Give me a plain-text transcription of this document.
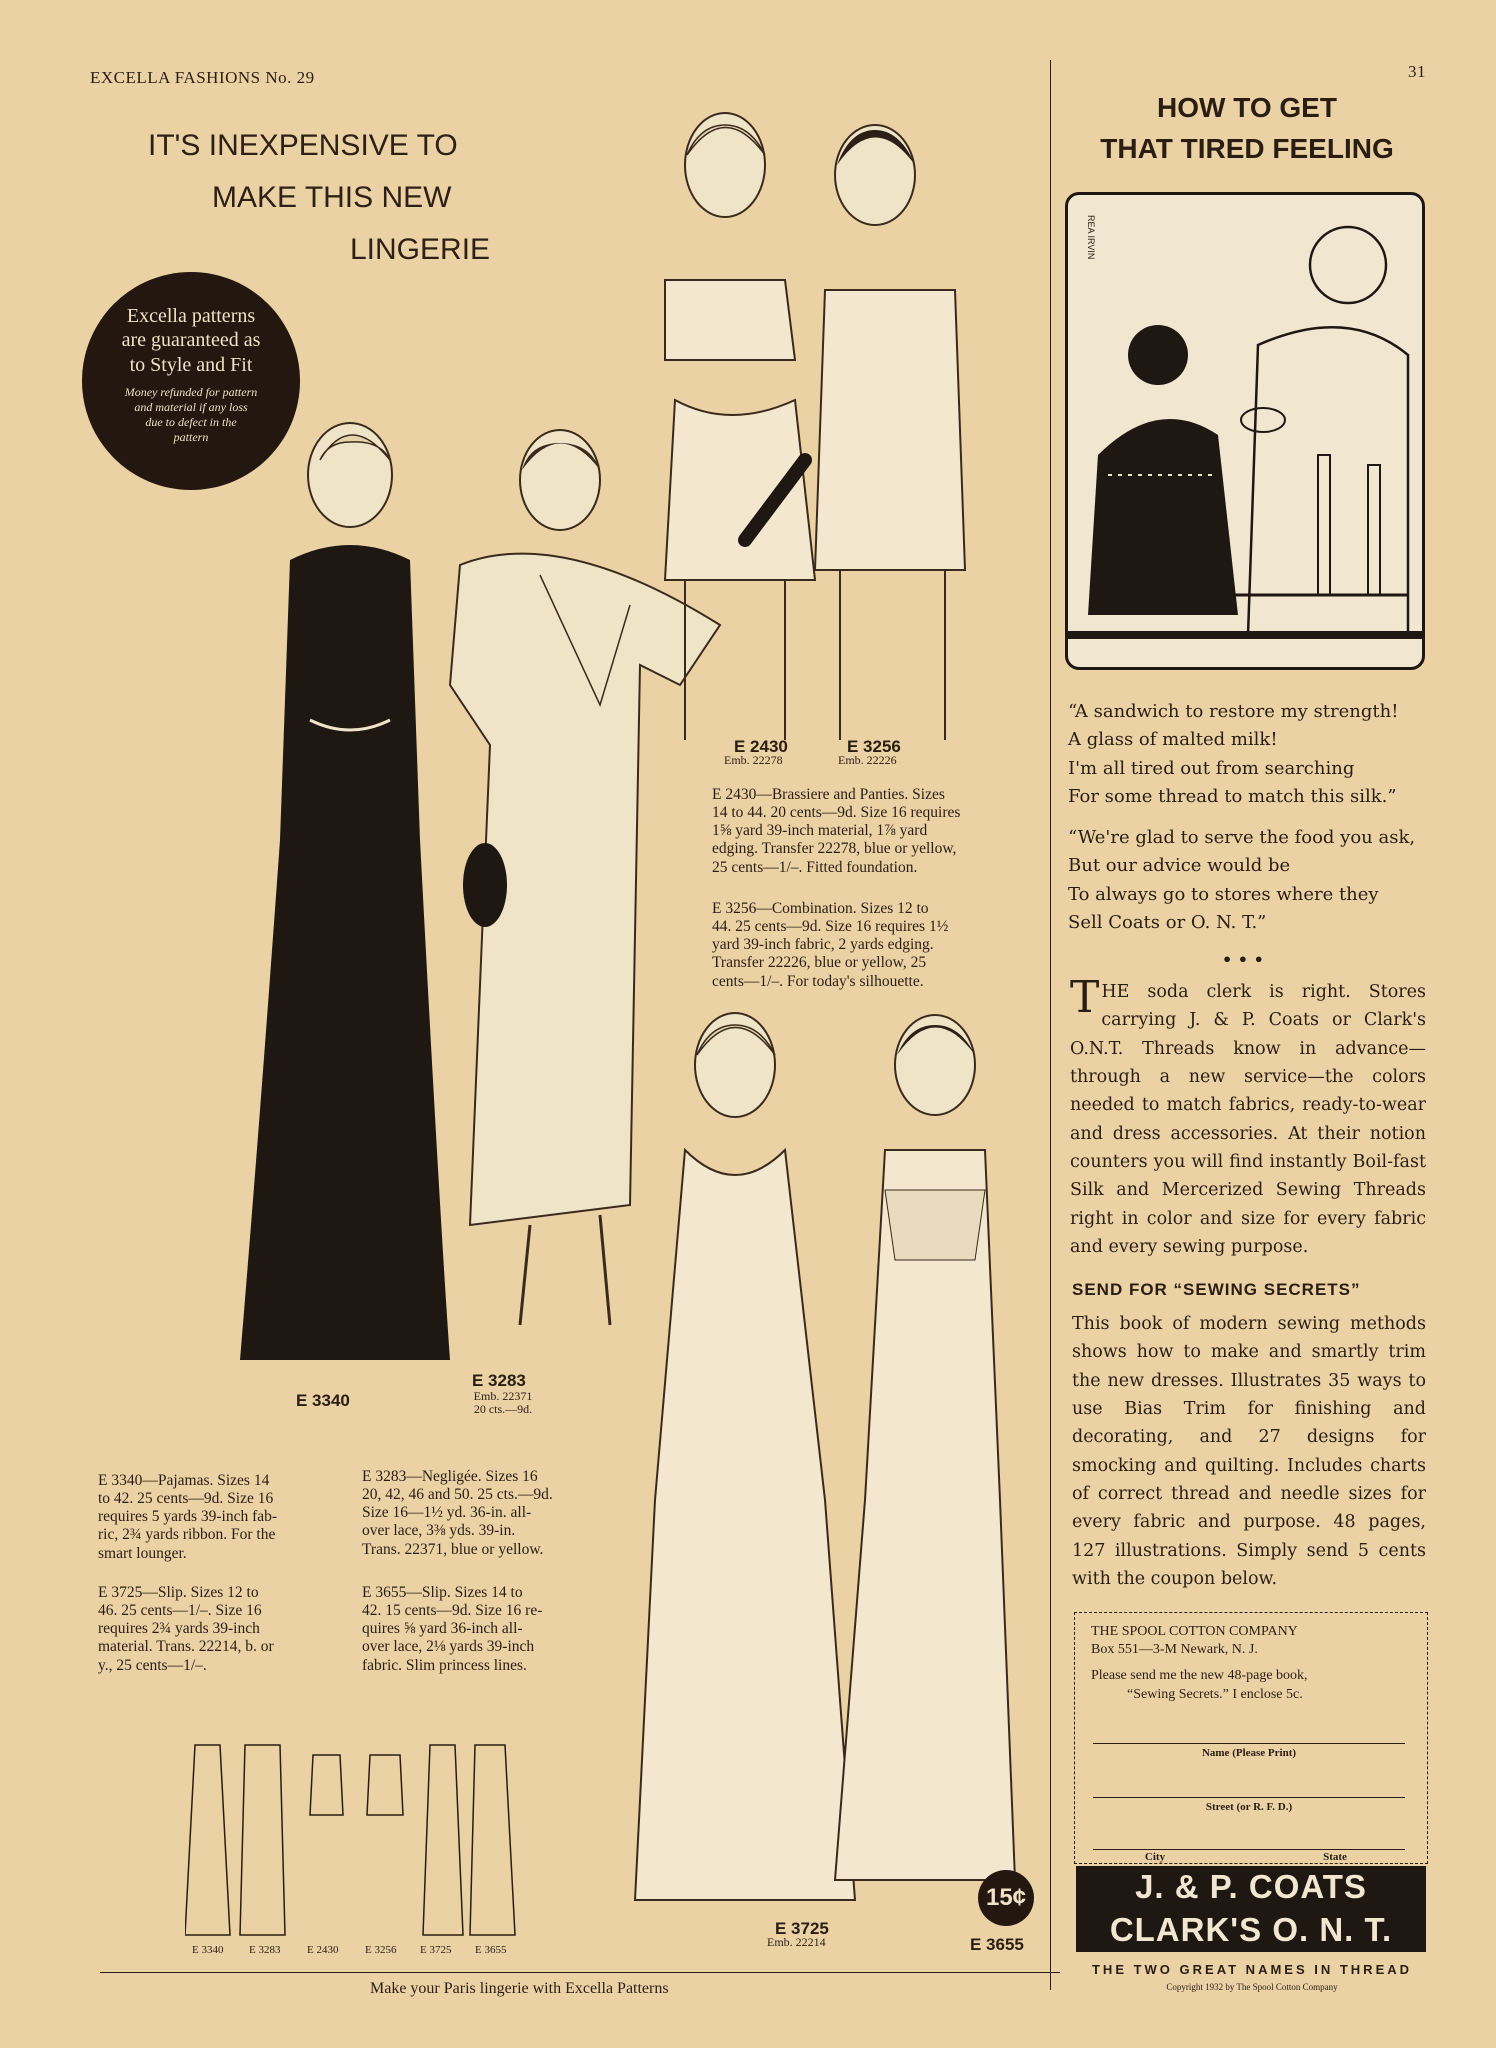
EXCELLA FASHIONS No. 29	31
IT'S INEXPENSIVE TO
MAKE THIS NEW
LINGERIE
Excella patterns
are guaranteed as
to Style and Fit
Money refunded for pattern
and material if any loss
due to defect in the
pattern
E 3340
E 3283
Emb. 22371
20 cts.—9d.
E 2430
Emb. 22278
E 3256
Emb. 22226
E 2430—Brassiere and Panties. Sizes
14 to 44. 20 cents—9d. Size 16 requires
1⅝ yard 39-inch material, 1⅞ yard
edging. Transfer 22278, blue or yellow,
25 cents—1/–. Fitted foundation.
E 3256—Combination. Sizes 12 to
44. 25 cents—9d. Size 16 requires 1½
yard 39-inch fabric, 2 yards edging.
Transfer 22226, blue or yellow, 25
cents—1/–. For today's silhouette.
E 3725
Emb. 22214	E 3655
15¢
E 3340—Pajamas. Sizes 14
to 42. 25 cents—9d. Size 16
requires 5 yards 39-inch fab-
ric, 2¾ yards ribbon. For the
smart lounger.
E 3283—Negligée. Sizes 16
20, 42, 46 and 50. 25 cts.—9d.
Size 16—1½ yd. 36-in. all-
over lace, 3⅜ yds. 39-in.
Trans. 22371, blue or yellow.
E 3725—Slip. Sizes 12 to
46. 25 cents—1/–. Size 16
requires 2¾ yards 39-inch
material. Trans. 22214, b. or
y., 25 cents—1/–.
E 3655—Slip. Sizes 14 to
42. 15 cents—9d. Size 16 re-
quires ⅝ yard 36-inch all-
over lace, 2⅛ yards 39-inch
fabric. Slim princess lines.
E 3340 E 3283 E 2430 E 3256 E 3725 E 3655
Make your Paris lingerie with Excella Patterns
HOW TO GET
THAT TIRED FEELING
REA IRVIN
“A sandwich to restore my strength!
A glass of malted milk!
I'm all tired out from searching
For some thread to match this silk.”
“We're glad to serve the food you ask,
But our advice would be
To always go to stores where they
Sell Coats or O. N. T.”
• • •
T HE soda clerk is right. Stores carrying J. & P. Coats or Clark's O.N.T. Threads know in advance—through a new service—the colors needed to match fabrics, ready-to-wear and dress accessories. At their notion counters you will find instantly Boil-fast Silk and Mercerized Sewing Threads right in color and size for every fabric and every sewing purpose.
SEND FOR “SEWING SECRETS”
This book of modern sewing methods shows how to make and smartly trim the new dresses. Illustrates 35 ways to use Bias Trim for finishing and decorating, and 27 designs for smocking and quilting. Includes charts of correct thread and needle sizes for every fabric and purpose. 48 pages, 127 illustrations. Simply send 5 cents with the coupon below.
THE SPOOL COTTON COMPANY
Box 551—3-M Newark, N. J.
Please send me the new 48-page book,
“Sewing Secrets.” I enclose 5c.
Name (Please Print)
Street (or R. F. D.)
City	State
J. & P. COATS
CLARK'S O. N. T.
THE TWO GREAT NAMES IN THREAD
Copyright 1932 by The Spool Cotton Company
